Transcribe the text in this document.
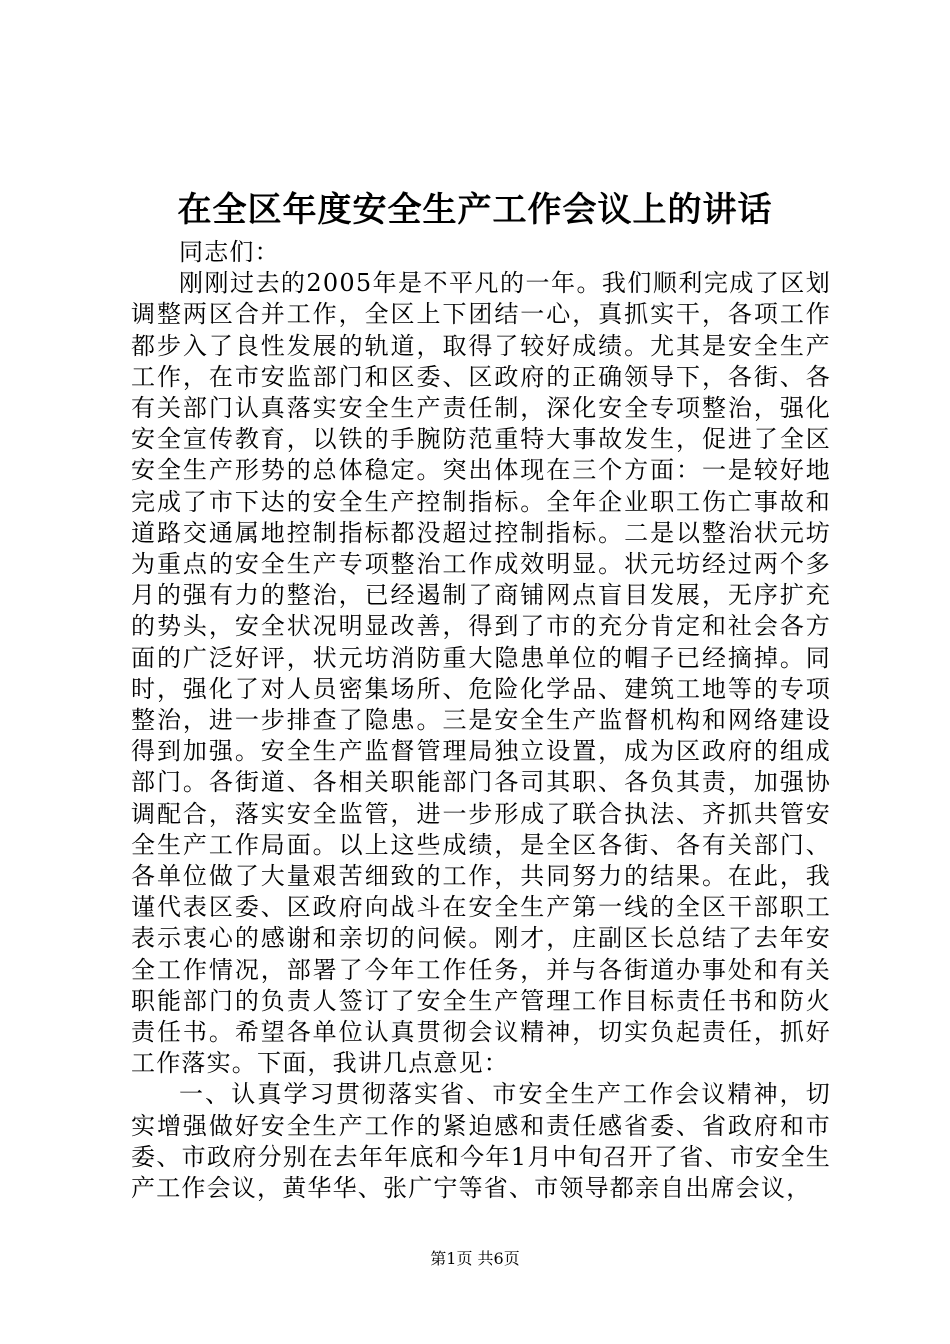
在全区年度安全生产工作会议上的讲话

同志们：

刚刚过去的2005年是不平凡的一年。我们顺利完成了区划调整两区合并工作，全区上下团结一心，真抓实干，各项工作都步入了良性发展的轨道，取得了较好成绩。尤其是安全生产工作，在市安监部门和区委、区政府的正确领导下，各街、各有关部门认真落实安全生产责任制，深化安全专项整治，强化安全宣传教育，以铁的手腕防范重特大事故发生，促进了全区安全生产形势的总体稳定。突出体现在三个方面：一是较好地完成了市下达的安全生产控制指标。全年企业职工伤亡事故和道路交通属地控制指标都没超过控制指标。二是以整治状元坊为重点的安全生产专项整治工作成效明显。状元坊经过两个多月的强有力的整治，已经遏制了商铺网点盲目发展，无序扩充的势头，安全状况明显改善，得到了市的充分肯定和社会各方面的广泛好评，状元坊消防重大隐患单位的帽子已经摘掉。同时，强化了对人员密集场所、危险化学品、建筑工地等的专项整治，进一步排查了隐患。三是安全生产监督机构和网络建设得到加强。安全生产监督管理局独立设置，成为区政府的组成部门。各街道、各相关职能部门各司其职、各负其责，加强协调配合，落实安全监管，进一步形成了联合执法、齐抓共管安全生产工作局面。以上这些成绩，是全区各街、各有关部门、各单位做了大量艰苦细致的工作，共同努力的结果。在此，我谨代表区委、区政府向战斗在安全生产第一线的全区干部职工表示衷心的感谢和亲切的问候。刚才，庄副区长总结了去年安全工作情况，部署了今年工作任务，并与各街道办事处和有关职能部门的负责人签订了安全生产管理工作目标责任书和防火责任书。希望各单位认真贯彻会议精神，切实负起责任，抓好工作落实。下面，我讲几点意见：

一、认真学习贯彻落实省、市安全生产工作会议精神，切实增强做好安全生产工作的紧迫感和责任感省委、省政府和市委、市政府分别在去年年底和今年1月中旬召开了省、市安全生产工作会议，黄华华、张广宁等省、市领导都亲自出席会议，

第1页 共6页
